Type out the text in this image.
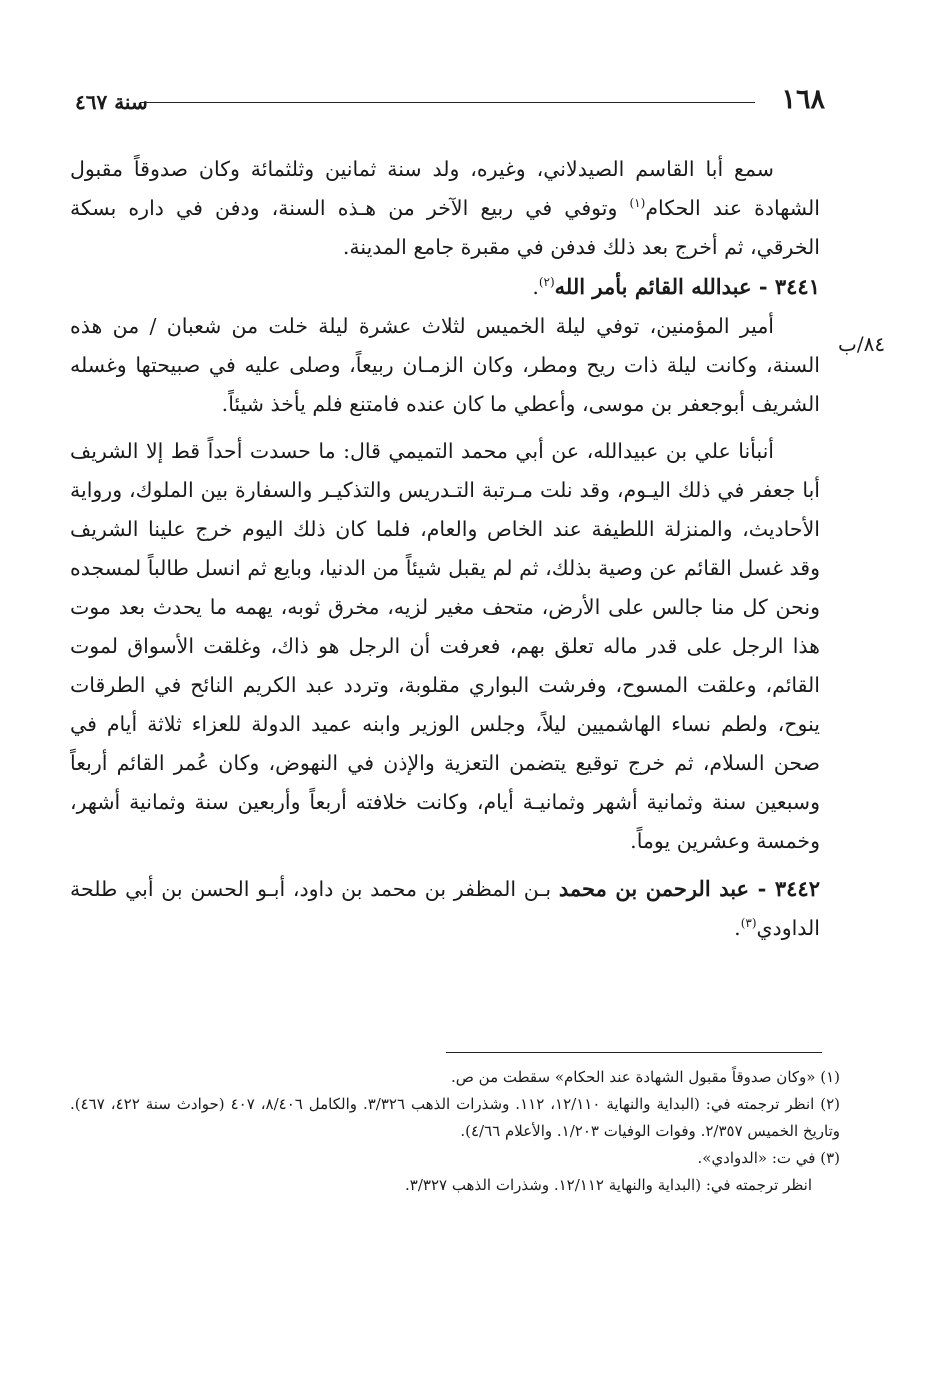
١٦٨
سنة ٤٦٧
٨٤/ب

سمع أبا القاسم الصيدلاني، وغيره، ولد سنة ثمانين وثلثمائة وكان صدوقاً مقبول الشهادة عند الحكام$^{(١)}$ وتوفي في ربيع الآخر من هـذه السنة، ودفن في داره بسكة الخرقي، ثم أخرج بعد ذلك فدفن في مقبرة جامع المدينة.

٣٤٤١ - عبدالله القائم بأمر الله$^{(٢)}$.

أمير المؤمنين، توفي ليلة الخميس لثلاث عشرة ليلة خلت من شعبان / من هذه السنة، وكانت ليلة ذات ريح ومطر، وكان الزمـان ربيعاً، وصلى عليه في صبيحتها وغسله الشريف أبوجعفر بن موسى، وأعطي ما كان عنده فامتنع فلم يأخذ شيئاً.

أنبأنا علي بن عبيدالله، عن أبي محمد التميمي قال: ما حسدت أحداً قط إلا الشريف أبا جعفر في ذلك اليـوم، وقد نلت مـرتبة التـدريس والتذكيـر والسفارة بين الملوك، ورواية الأحاديث، والمنزلة اللطيفة عند الخاص والعام، فلما كان ذلك اليوم خرج علينا الشريف وقد غسل القائم عن وصية بذلك، ثم لم يقبل شيئاً من الدنيا، وبايع ثم انسل طالباً لمسجده ونحن كل منا جالس على الأرض، متحف مغير لزيه، مخرق ثوبه، يهمه ما يحدث بعد موت هذا الرجل على قدر ماله تعلق بهم، فعرفت أن الرجل هو ذاك، وغلقت الأسواق لموت القائم، وعلقت المسوح، وفرشت البواري مقلوبة، وتردد عبد الكريم النائح في الطرقات ينوح، ولطم نساء الهاشميين ليلاً، وجلس الوزير وابنه عميد الدولة للعزاء ثلاثة أيام في صحن السلام، ثم خرج توقيع يتضمن التعزية والإذن في النهوض، وكان عُمر القائم أربعاً وسبعين سنة وثمانية أشهر وثمانيـة أيام، وكانت خلافته أربعاً وأربعين سنة وثمانية أشهر، وخمسة وعشرين يوماً.

٣٤٤٢ - عبد الرحمن بن محمد بـن المظفر بن محمد بن داود، أبـو الحسن بن أبي طلحة الداودي$^{(٣)}$.

(١) «وكان صدوقاً مقبول الشهادة عند الحكام» سقطت من ص.

(٢) انظر ترجمته في: (البداية والنهاية ١٢/١١٠، ١١٢. وشذرات الذهب ٣/٣٢٦. والكامل ٨/٤٠٦، ٤٠٧ (حوادث سنة ٤٢٢، ٤٦٧). وتاريخ الخميس ٢/٣٥٧. وفوات الوفيات ١/٢٠٣. والأعلام ٤/٦٦).

(٣) في ت: «الدوادي».

انظر ترجمته في: (البداية والنهاية ١٢/١١٢. وشذرات الذهب ٣/٣٢٧.
